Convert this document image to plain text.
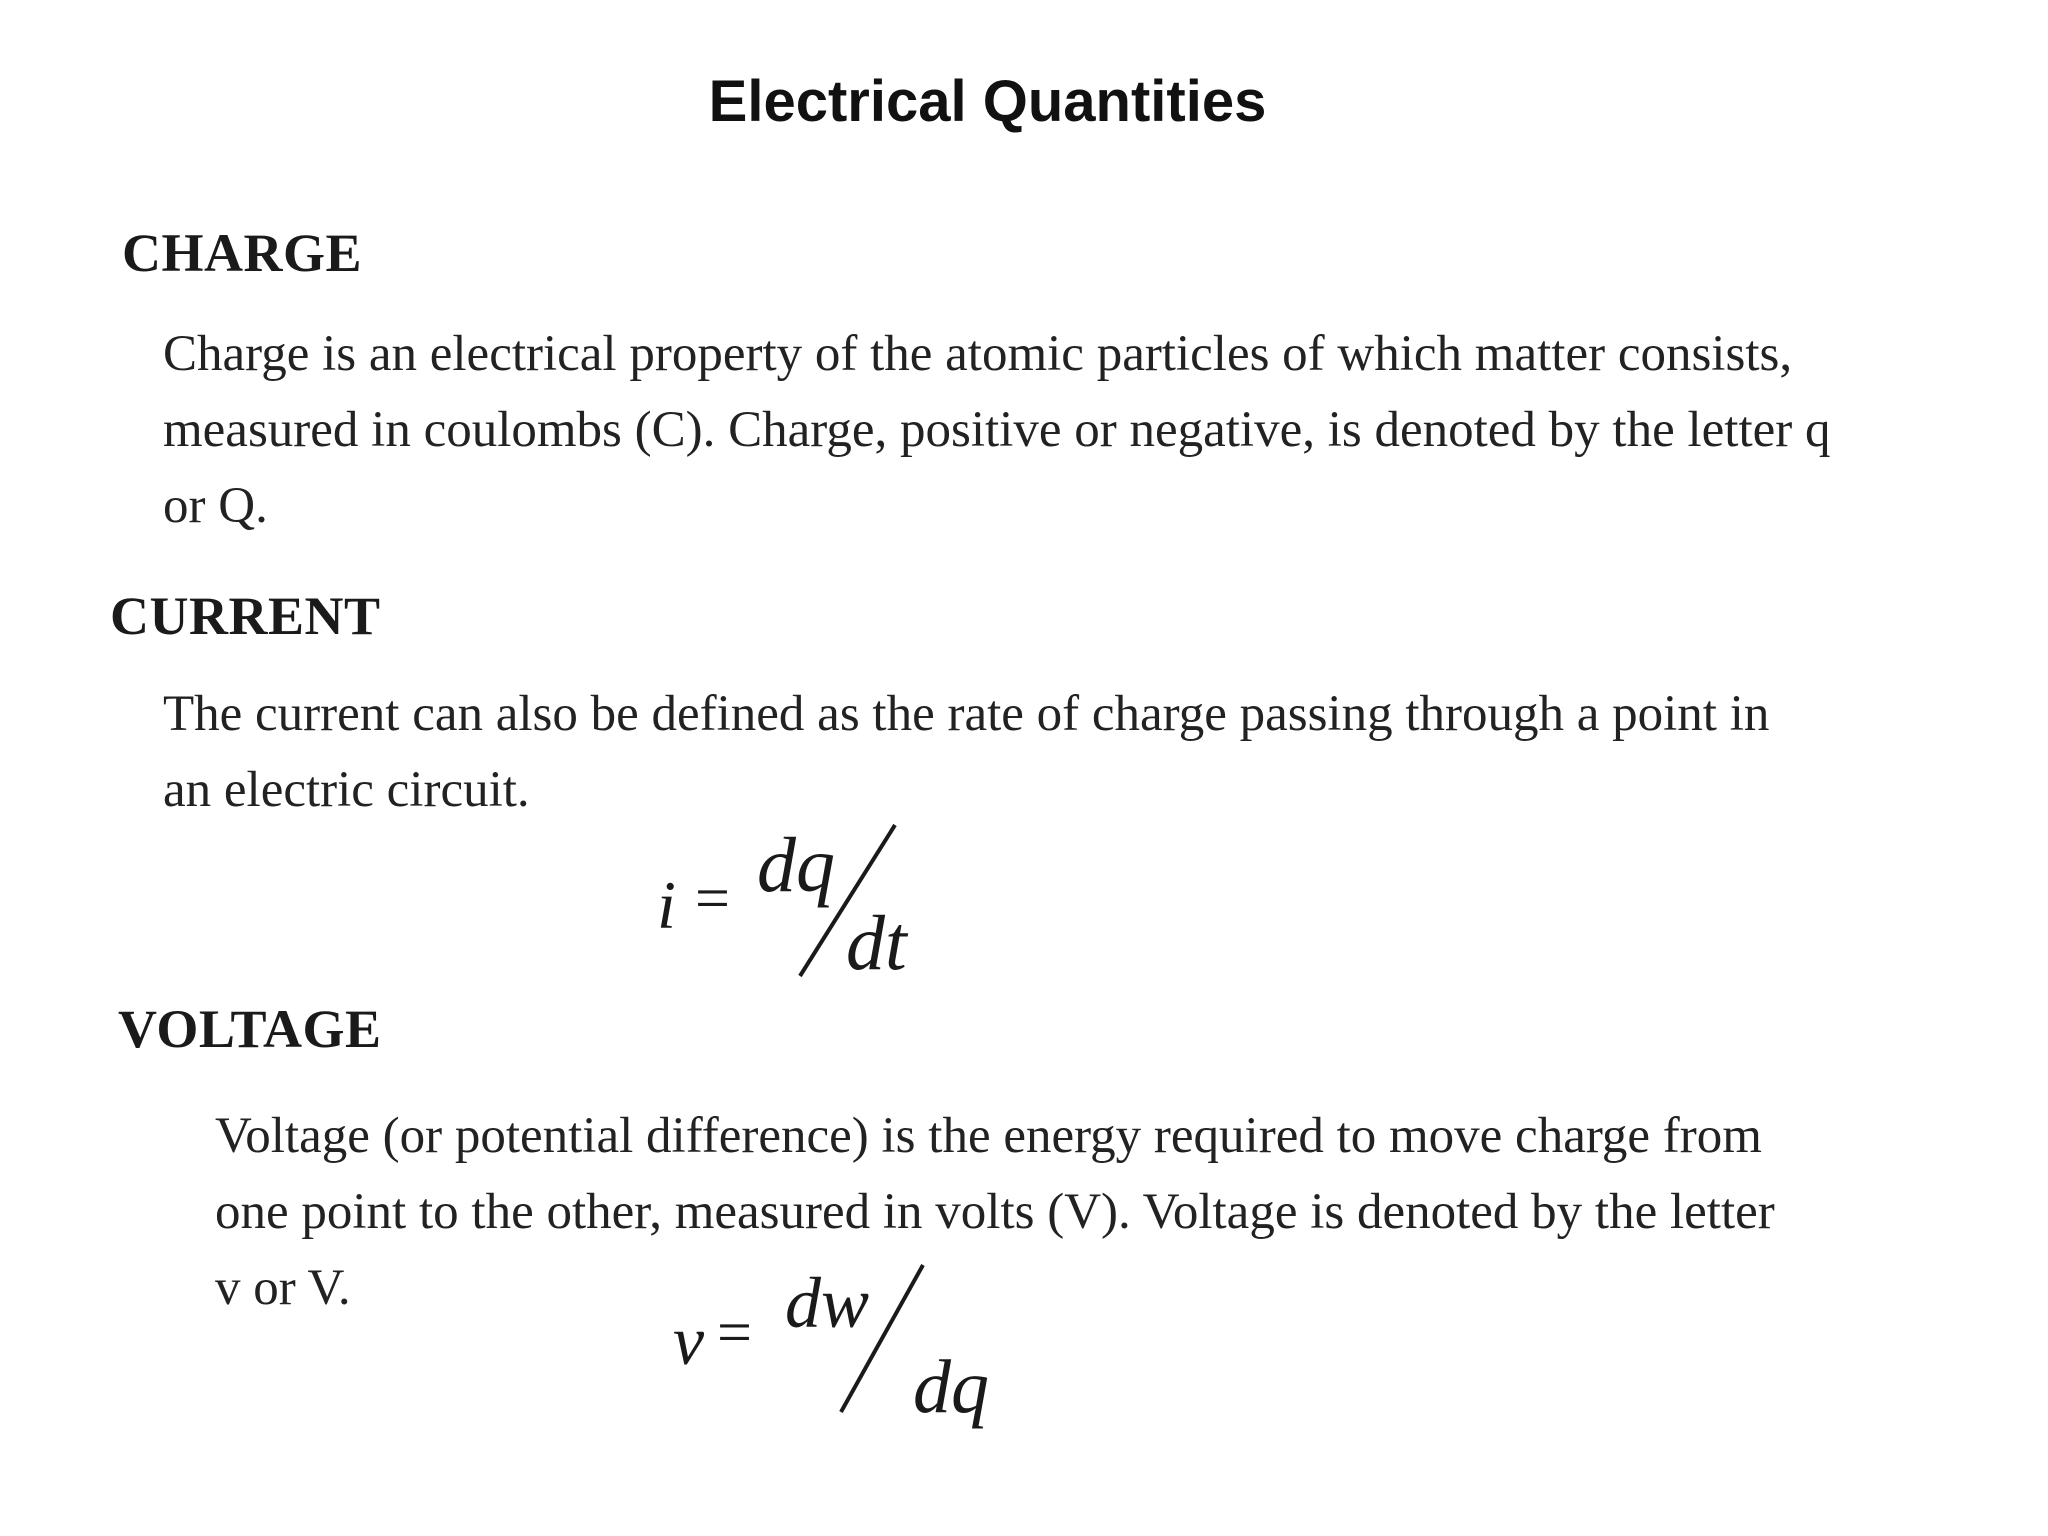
Electrical Quantities
CHARGE
Charge is an electrical property of the atomic particles of which matter consists,
measured in coulombs (C). Charge, positive or negative, is denoted by the letter q
or Q.
CURRENT
The current can also be defined as the rate of charge passing through a point in
an electric circuit.
i = dq
dt
VOLTAGE
Voltage (or potential difference) is the energy required to move charge from
one point to the other, measured in volts (V). Voltage is denoted by the letter
v or V.
v = dw
dq
